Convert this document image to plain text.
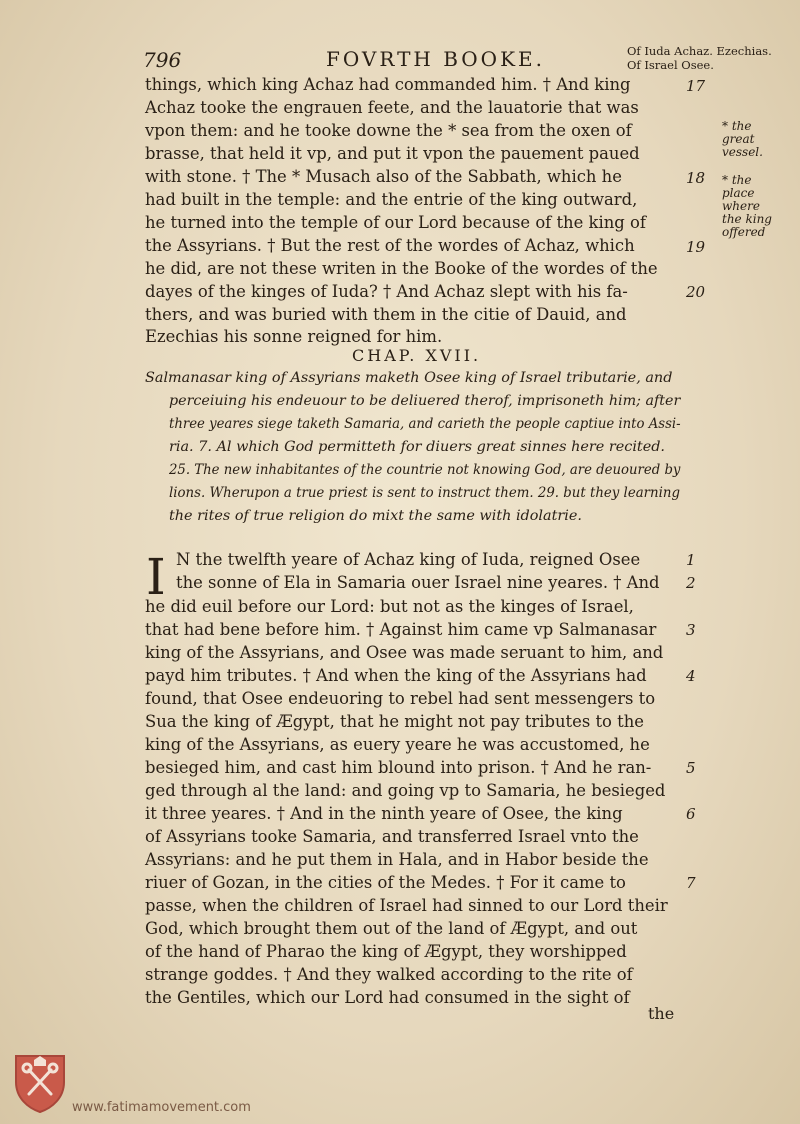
796	FOVRTH BOOKE.	Of Iuda Achaz. Ezechias.
Of Israel Osee.
things, which king Achaz had commanded him. † And king
Achaz tooke the engrauen feete, and the lauatorie that was
vpon them: and he tooke downe the * sea from the oxen of
brasse, that held it vp, and put it vpon the pauement paued
with stone. † The * Musach also of the Sabbath, which he
had built in the temple: and the entrie of the king outward,
he turned into the temple of our Lord because of the king of
the Assyrians. † But the rest of the wordes of Achaz, which
he did, are not these writen in the Booke of the wordes of the
dayes of the kinges of Iuda? † And Achaz slept with his fa-
thers, and was buried with them in the citie of Dauid, and
Ezechias his sonne reigned for him.
17
18
19
20
* the
great vessel.
* the
place
where
the king
offered
CHAP. XVII.
Salmanasar king of Assyrians maketh Osee king of Israel tributarie, and
perceiuing his endeuour to be deliuered therof, imprisoneth him; after
three yeares siege taketh Samaria, and carieth the people captiue into Assi-
ria. 7. Al which God permitteth for diuers great sinnes here recited.
25. The new inhabitantes of the countrie not knowing God, are deuoured by
lions. Wherupon a true priest is sent to instruct them. 29. but they learning
the rites of true religion do mixt the same with idolatrie.
I N the twelfth yeare of Achaz king of Iuda, reigned Osee
the sonne of Ela in Samaria ouer Israel nine yeares. † And
he did euil before our Lord: but not as the kinges of Israel,
that had bene before him. † Against him came vp Salmanasar
king of the Assyrians, and Osee was made seruant to him, and
payd him tributes. † And when the king of the Assyrians had
found, that Osee endeuoring to rebel had sent messengers to
Sua the king of Ægypt, that he might not pay tributes to the
king of the Assyrians, as euery yeare he was accustomed, he
besieged him, and cast him blound into prison. † And he ran-
ged through al the land: and going vp to Samaria, he besieged
it three yeares. † And in the ninth yeare of Osee, the king
of Assyrians tooke Samaria, and transferred Israel vnto the
Assyrians: and he put them in Hala, and in Habor beside the
riuer of Gozan, in the cities of the Medes. † For it came to
passe, when the children of Israel had sinned to our Lord their
God, which brought them out of the land of Ægypt, and out
of the hand of Pharao the king of Ægypt, they worshipped
strange goddes. † And they walked according to the rite of
the Gentiles, which our Lord had consumed in the sight of
1
2
3
4
5
6
7
the
www.fatimamovement.com
